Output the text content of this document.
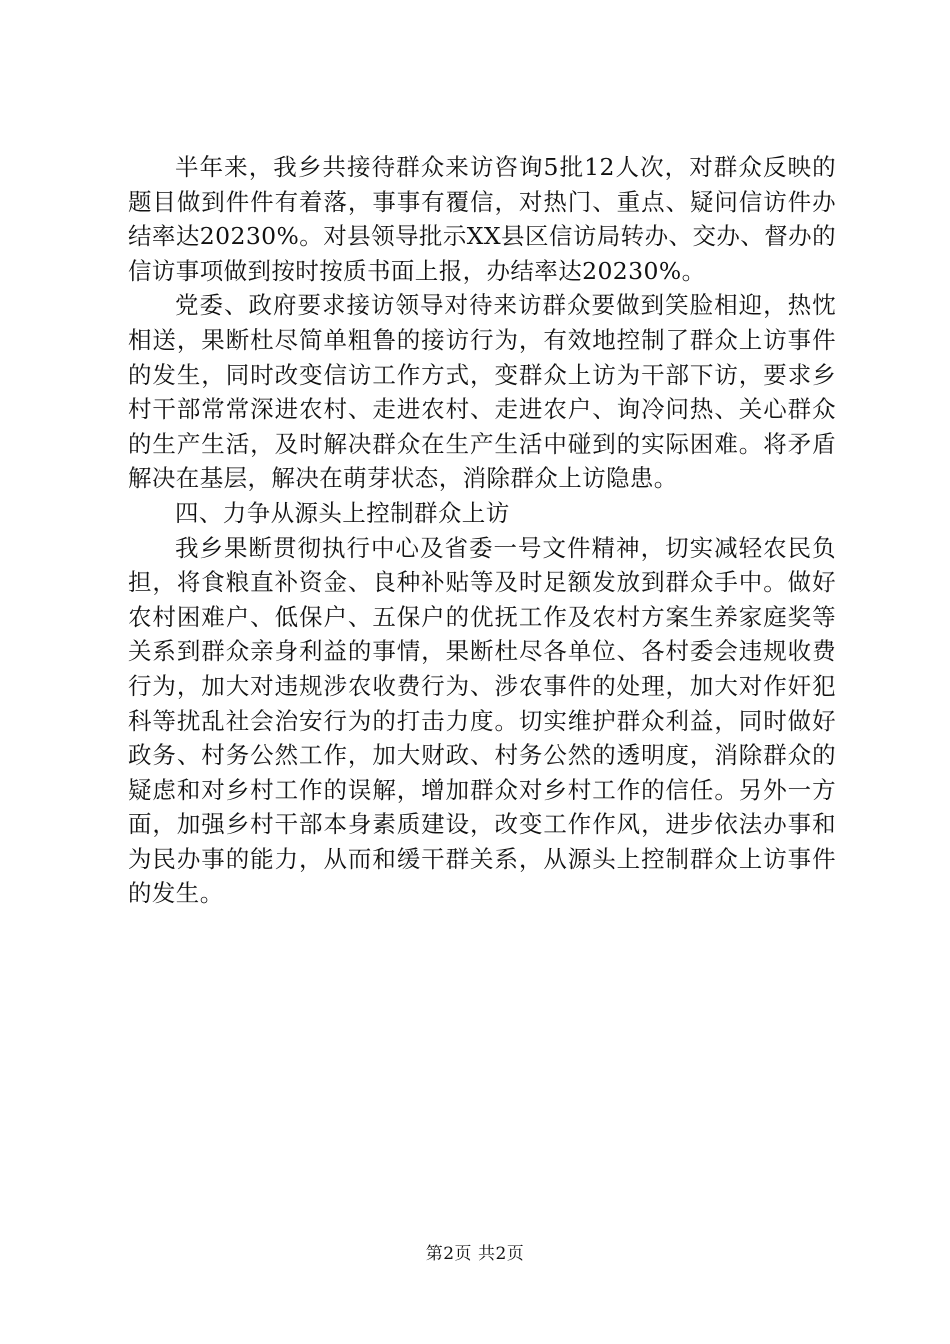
半年来，我乡共接待群众来访咨询5批12人次，对群众反映的题目做到件件有着落，事事有覆信，对热门、重点、疑问信访件办结率达20230%。对县领导批示XX县区信访局转办、交办、督办的信访事项做到按时按质书面上报，办结率达20230%。

党委、政府要求接访领导对待来访群众要做到笑脸相迎，热忱相送，果断杜尽简单粗鲁的接访行为，有效地控制了群众上访事件的发生，同时改变信访工作方式，变群众上访为干部下访，要求乡村干部常常深进农村、走进农村、走进农户、询冷问热、关心群众的生产生活，及时解决群众在生产生活中碰到的实际困难。将矛盾解决在基层，解决在萌芽状态，消除群众上访隐患。

四、力争从源头上控制群众上访

我乡果断贯彻执行中心及省委一号文件精神，切实减轻农民负担，将食粮直补资金、良种补贴等及时足额发放到群众手中。做好农村困难户、低保户、五保户的优抚工作及农村方案生养家庭奖等关系到群众亲身利益的事情，果断杜尽各单位、各村委会违规收费行为，加大对违规涉农收费行为、涉农事件的处理，加大对作奸犯科等扰乱社会治安行为的打击力度。切实维护群众利益，同时做好政务、村务公然工作，加大财政、村务公然的透明度，消除群众的疑虑和对乡村工作的误解，增加群众对乡村工作的信任。另外一方面，加强乡村干部本身素质建设，改变工作作风，进步依法办事和为民办事的能力，从而和缓干群关系，从源头上控制群众上访事件的发生。

第2页 共2页
